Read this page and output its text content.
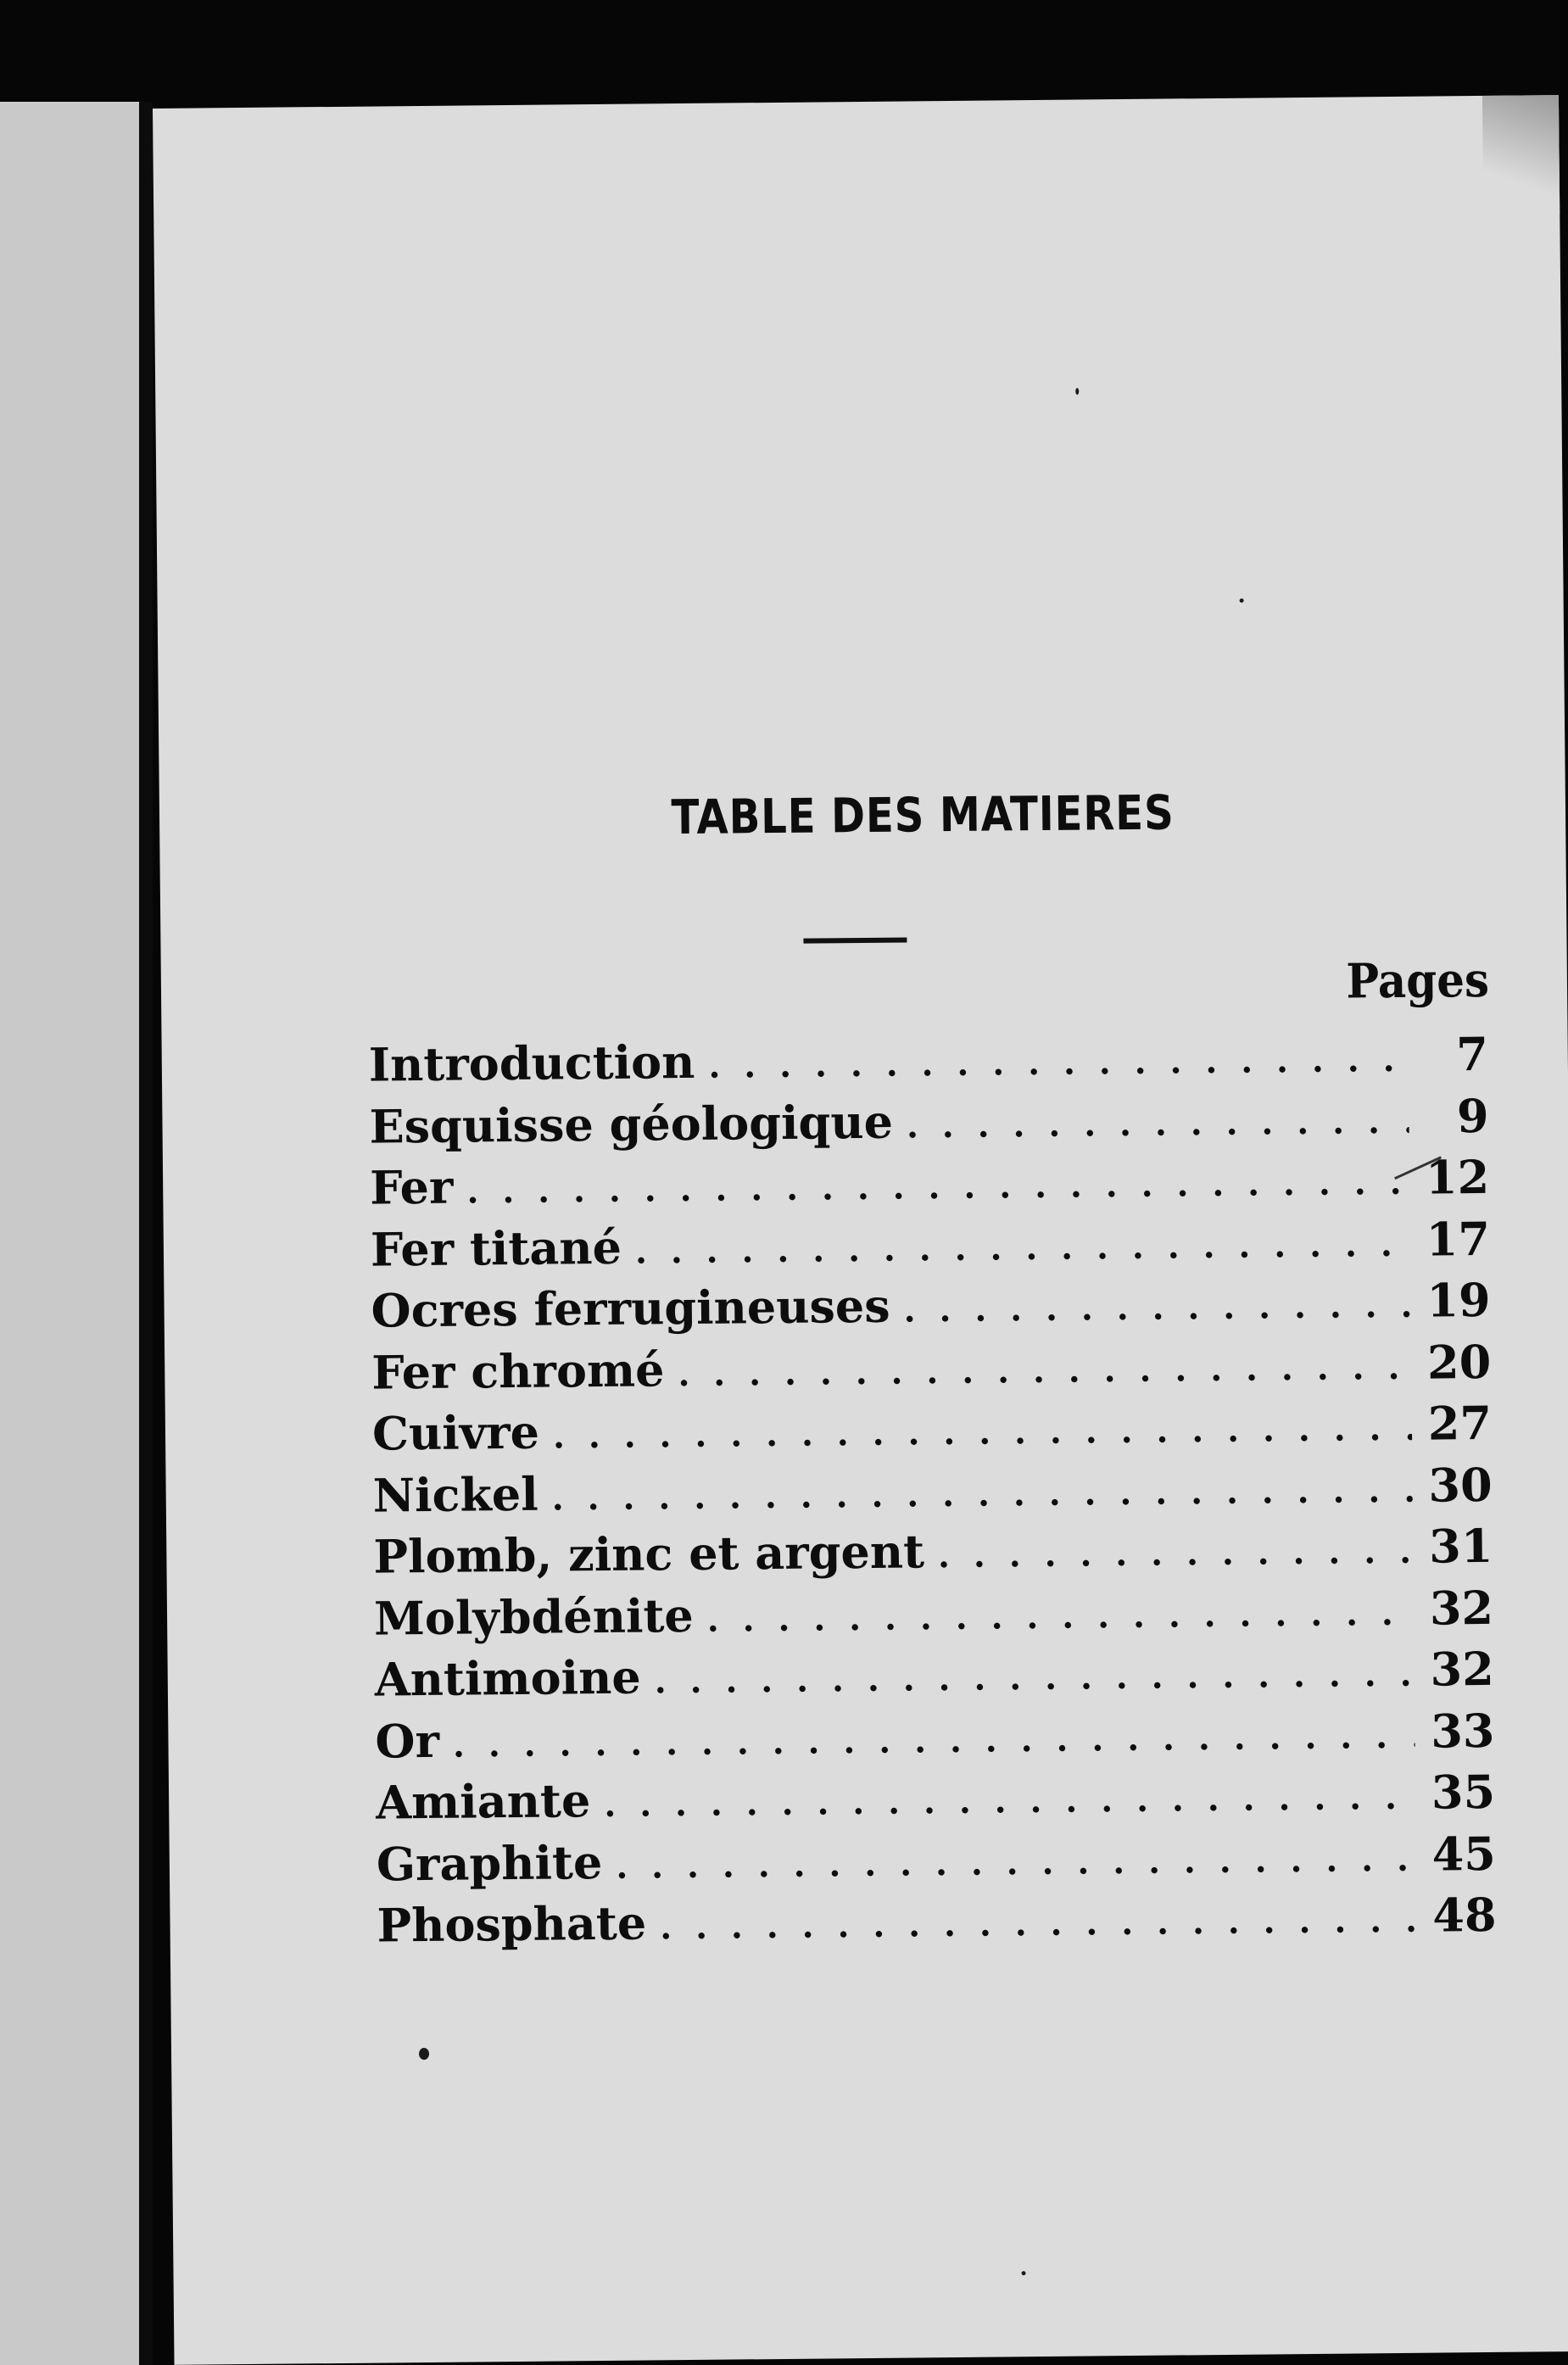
TABLE DES MATIERES
Pages
Introduction . . .	7
Esquisse géologique . . .	9
Fer . . .	12
Fer titané . . .	17
Ocres ferrugineuses . . .	19
Fer chromé . . .	20
Cuivre . . .	27
Nickel . . .	30
Plomb, zinc et argent . . .	31
Molybdénite . . .	32
Antimoine . . .	32
Or . . .	33
Amiante . . .	35
Graphite . . .	45
Phosphate . . .	48
